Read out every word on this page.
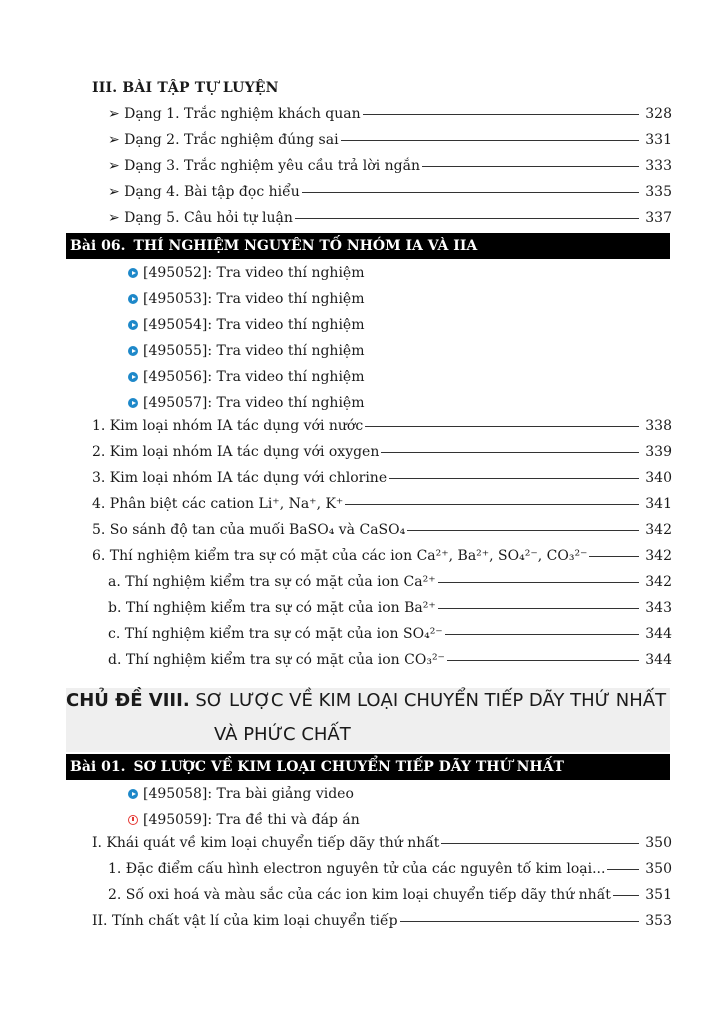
III. BÀI TẬP TỰ LUYỆN
➢ Dạng 1. Trắc nghiệm khách quan	328
➢ Dạng 2. Trắc nghiệm đúng sai	331
➢ Dạng 3. Trắc nghiệm yêu cầu trả lời ngắn	333
➢ Dạng 4. Bài tập đọc hiểu	335
➢ Dạng 5. Câu hỏi tự luận	337
Bài 06. THÍ NGHIỆM NGUYÊN TỐ NHÓM IA VÀ IIA
[495052]: Tra video thí nghiệm
[495053]: Tra video thí nghiệm
[495054]: Tra video thí nghiệm
[495055]: Tra video thí nghiệm
[495056]: Tra video thí nghiệm
[495057]: Tra video thí nghiệm
1. Kim loại nhóm IA tác dụng với nước	338
2. Kim loại nhóm IA tác dụng với oxygen	339
3. Kim loại nhóm IA tác dụng với chlorine	340
4. Phân biệt các cation Li⁺, Na⁺, K⁺	341
5. So sánh độ tan của muối BaSO₄ và CaSO₄	342
6. Thí nghiệm kiểm tra sự có mặt của các ion Ca²⁺, Ba²⁺, SO₄²⁻, CO₃²⁻	342
a. Thí nghiệm kiểm tra sự có mặt của ion Ca²⁺	342
b. Thí nghiệm kiểm tra sự có mặt của ion Ba²⁺	343
c. Thí nghiệm kiểm tra sự có mặt của ion SO₄²⁻	344
d. Thí nghiệm kiểm tra sự có mặt của ion CO₃²⁻	344
CHỦ ĐỀ VIII. SƠ LƯỢC VỀ KIM LOẠI CHUYỂN TIẾP DÃY THỨ NHẤT
VÀ PHỨC CHẤT
Bài 01. SƠ LƯỢC VỀ KIM LOẠI CHUYỂN TIẾP DÃY THỨ NHẤT
[495058]: Tra bài giảng video
[495059]: Tra đề thi và đáp án
I. Khái quát về kim loại chuyển tiếp dãy thứ nhất	350
1. Đặc điểm cấu hình electron nguyên tử của các nguyên tố kim loại...	350
2. Số oxi hoá và màu sắc của các ion kim loại chuyển tiếp dãy thứ nhất 351
II. Tính chất vật lí của kim loại chuyển tiếp	353
